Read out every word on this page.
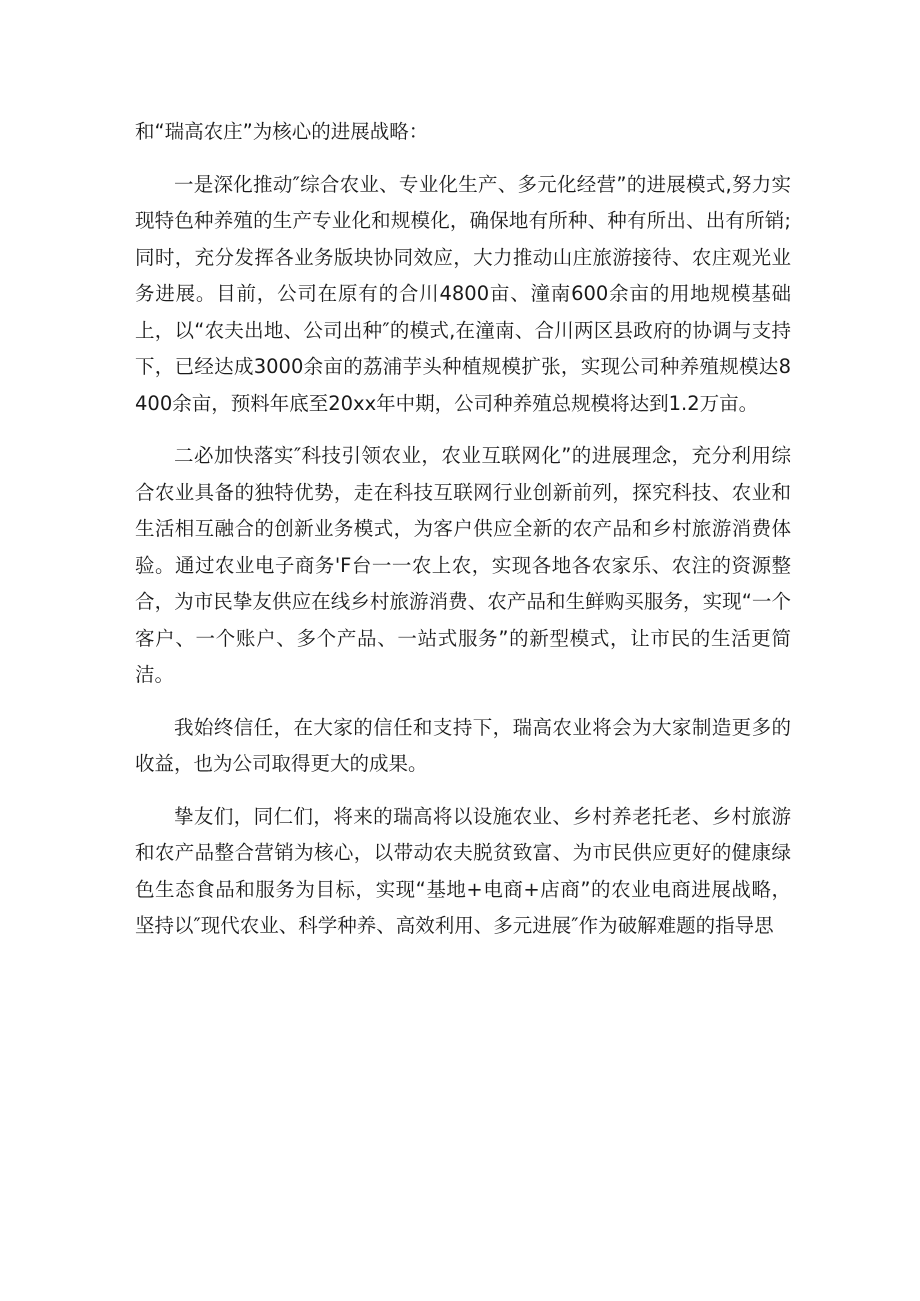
和“瑞高农庄”为核心的进展战略：

一是深化推动″综合农业、专业化生产、多元化经营”的进展模式,努力实现特色种养殖的生产专业化和规模化，确保地有所种、种有所出、出有所销;同时，充分发挥各业务版块协同效应，大力推动山庄旅游接待、农庄观光业务进展。目前，公司在原有的合川4800亩、潼南600余亩的用地规模基础上，以“农夫出地、公司出种″的模式,在潼南、合川两区县政府的协调与支持下，已经达成3000余亩的荔浦芋头种植规模扩张，实现公司种养殖规模达8400余亩，预料年底至20xx年中期，公司种养殖总规模将达到1.2万亩。

二必加快落实″科技引领农业，农业互联网化”的进展理念，充分利用综合农业具备的独特优势，走在科技互联网行业创新前列，探究科技、农业和生活相互融合的创新业务模式，为客户供应全新的农产品和乡村旅游消费体验。通过农业电子商务'F台一一农上农，实现各地各农家乐、农注的资源整合，为市民挚友供应在线乡村旅游消费、农产品和生鲜购买服务，实现“一个客户、一个账户、多个产品、一站式服务”的新型模式，让市民的生活更简洁。

我始终信任，在大家的信任和支持下，瑞高农业将会为大家制造更多的收益，也为公司取得更大的成果。

挚友们，同仁们，将来的瑞高将以设施农业、乡村养老托老、乡村旅游和农产品整合营销为核心，以带动农夫脱贫致富、为市民供应更好的健康绿色生态食品和服务为目标，实现“基地+电商+店商”的农业电商进展战略，坚持以″现代农业、科学种养、高效利用、多元进展″作为破解难题的指导思
